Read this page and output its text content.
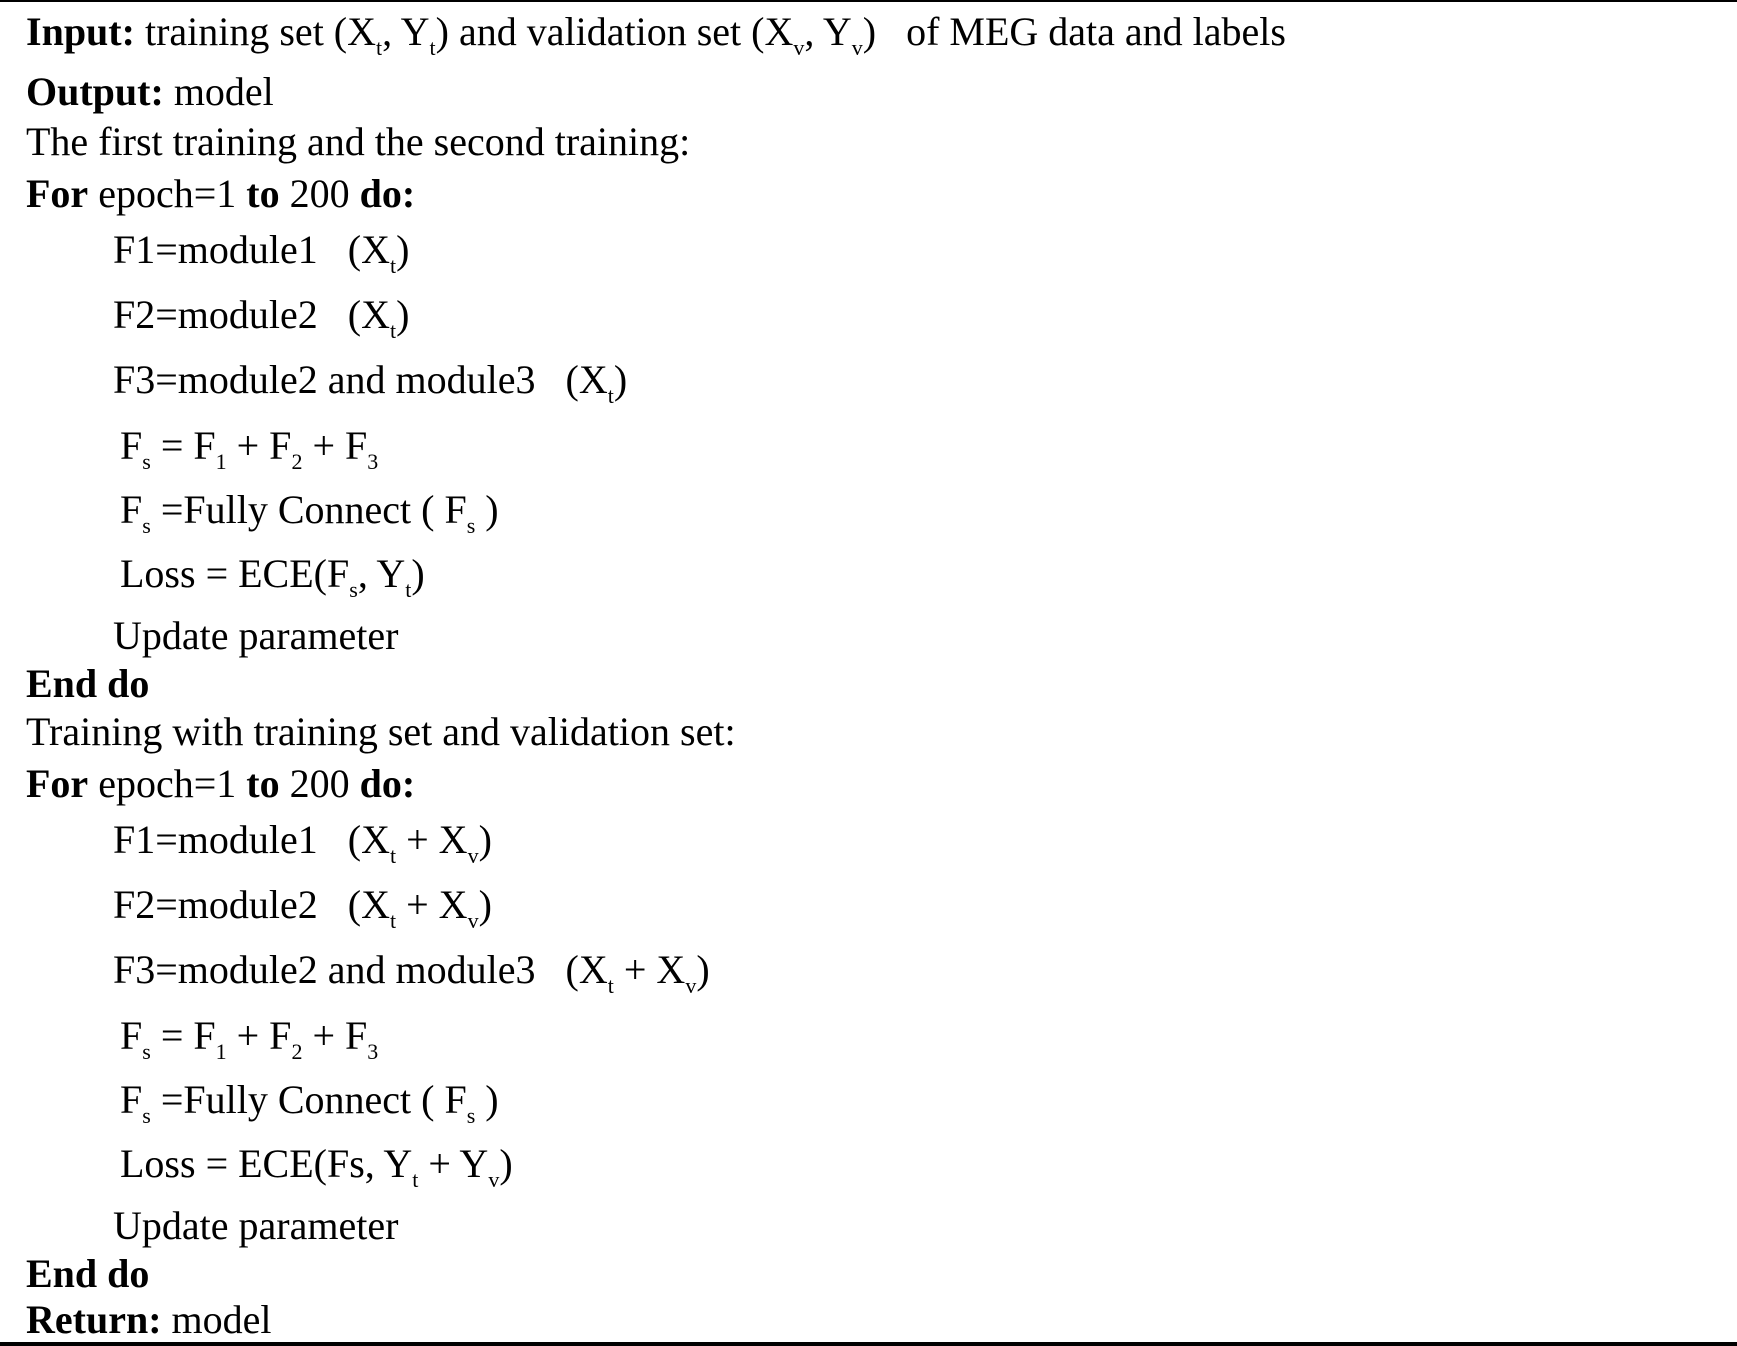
Input: training set ($X_t$, $Y_t$) and validation set ($X_v$, $Y_v$)   of MEG data and labels
Output: model
The first training and the second training:
For epoch=1 to 200 do:
F1=module1   $(X_t)$
F2=module2   $(X_t)$
F3=module2 and module3   $(X_t)$
$F_s = F_1 + F_2 + F_3$
$F_s$ =Fully Connect ( $F_s$ )
Loss = $ECE(F_s$, $Y_t$)
Update parameter
End do
Training with training set and validation set:
For epoch=1 to 200 do:
F1=module1   $(X_t + X_v)$
F2=module2   $(X_t + X_v)$
F3=module2 and module3   $(X_t + X_v)$
$F_s = F_1 + F_2 + F_3$
$F_s$ =Fully Connect ( $F_s$ )
Loss = ECE(Fs, $Y_t + Y_v$)
Update parameter
End do
Return: model
